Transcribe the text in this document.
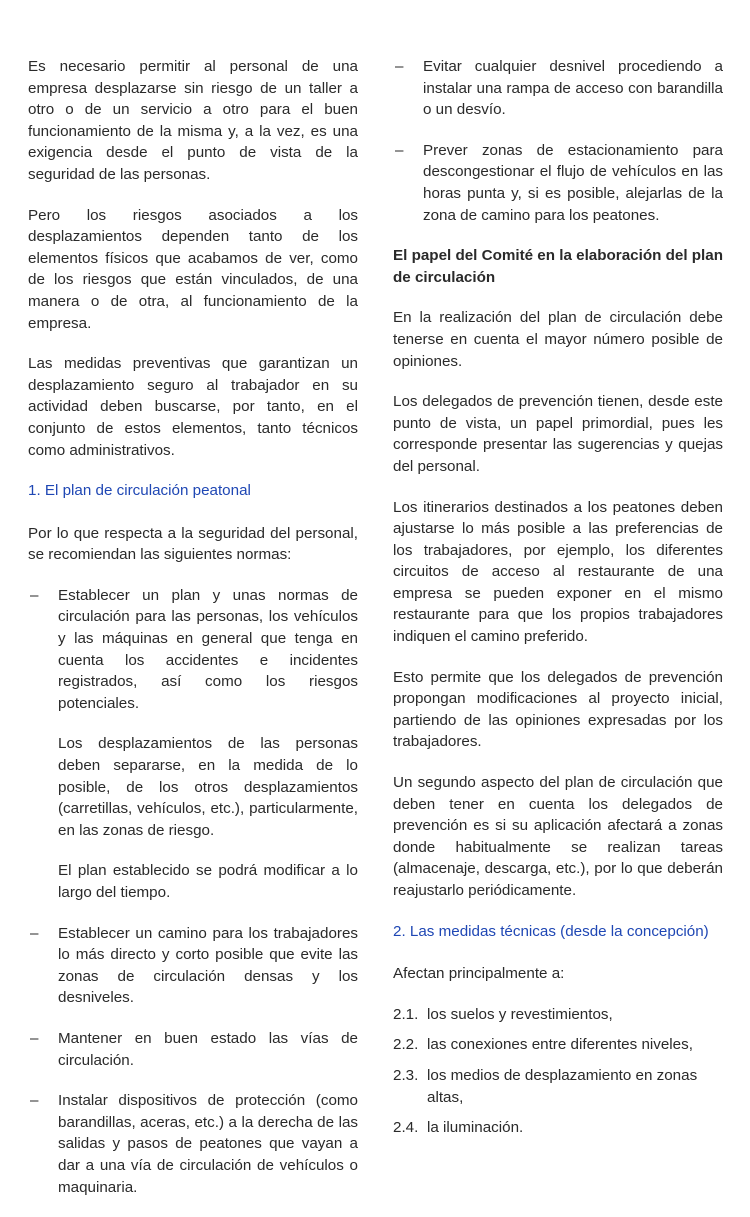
Es necesario permitir al personal de una empresa desplazarse sin riesgo de un taller a otro o de un servicio a otro para el buen funcionamiento de la misma y, a la vez, es una exigencia desde el punto de vista de la seguridad de las personas.

Pero los riesgos asociados a los desplazamientos dependen tanto de los elementos físicos que acabamos de ver, como de los riesgos que están vinculados, de una manera o de otra, al funcionamiento de la empresa.

Las medidas preventivas que garantizan un desplazamiento seguro al trabajador en su actividad deben buscarse, por tanto, en el conjunto de estos elementos, tanto técnicos como administrativos.

1. El plan de circulación peatonal

Por lo que respecta a la seguridad del personal, se recomiendan las siguientes normas:

– Establecer un plan y unas normas de circulación para las personas, los vehículos y las máquinas en general que tenga en cuenta los accidentes e incidentes registrados, así como los riesgos potenciales.

Los desplazamientos de las personas deben separarse, en la medida de lo posible, de los otros desplazamientos (carretillas, vehículos, etc.), particularmente, en las zonas de riesgo.

El plan establecido se podrá modificar a lo largo del tiempo.

– Establecer un camino para los trabajadores lo más directo y corto posible que evite las zonas de circulación densas y los desniveles.

– Mantener en buen estado las vías de circulación.

– Instalar dispositivos de protección (como barandillas, aceras, etc.) a la derecha de las salidas y pasos de peatones que vayan a dar a una vía de circulación de vehículos o maquinaria.

– Evitar cualquier desnivel procediendo a instalar una rampa de acceso con barandilla o un desvío.

– Prever zonas de estacionamiento para descongestionar el flujo de vehículos en las horas punta y, si es posible, alejarlas de la zona de camino para los peatones.

El papel del Comité en la elaboración del plan de circulación

En la realización del plan de circulación debe tenerse en cuenta el mayor número posible de opiniones.

Los delegados de prevención tienen, desde este punto de vista, un papel primordial, pues les corresponde presentar las sugerencias y quejas del personal.

Los itinerarios destinados a los peatones deben ajustarse lo más posible a las preferencias de los trabajadores, por ejemplo, los diferentes circuitos de acceso al restaurante de una empresa se pueden exponer en el mismo restaurante para que los propios trabajadores indiquen el camino preferido.

Esto permite que los delegados de prevención propongan modificaciones al proyecto inicial, partiendo de las opiniones expresadas por los trabajadores.

Un segundo aspecto del plan de circulación que deben tener en cuenta los delegados de prevención es si su aplicación afectará a zonas donde habitualmente se realizan tareas (almacenaje, descarga, etc.), por lo que deberán reajustarlo periódicamente.

2. Las medidas técnicas (desde la concepción)

Afectan principalmente a:

2.1. los suelos y revestimientos,
2.2. las conexiones entre diferentes niveles,
2.3. los medios de desplazamiento en zonas altas,
2.4. la iluminación.
